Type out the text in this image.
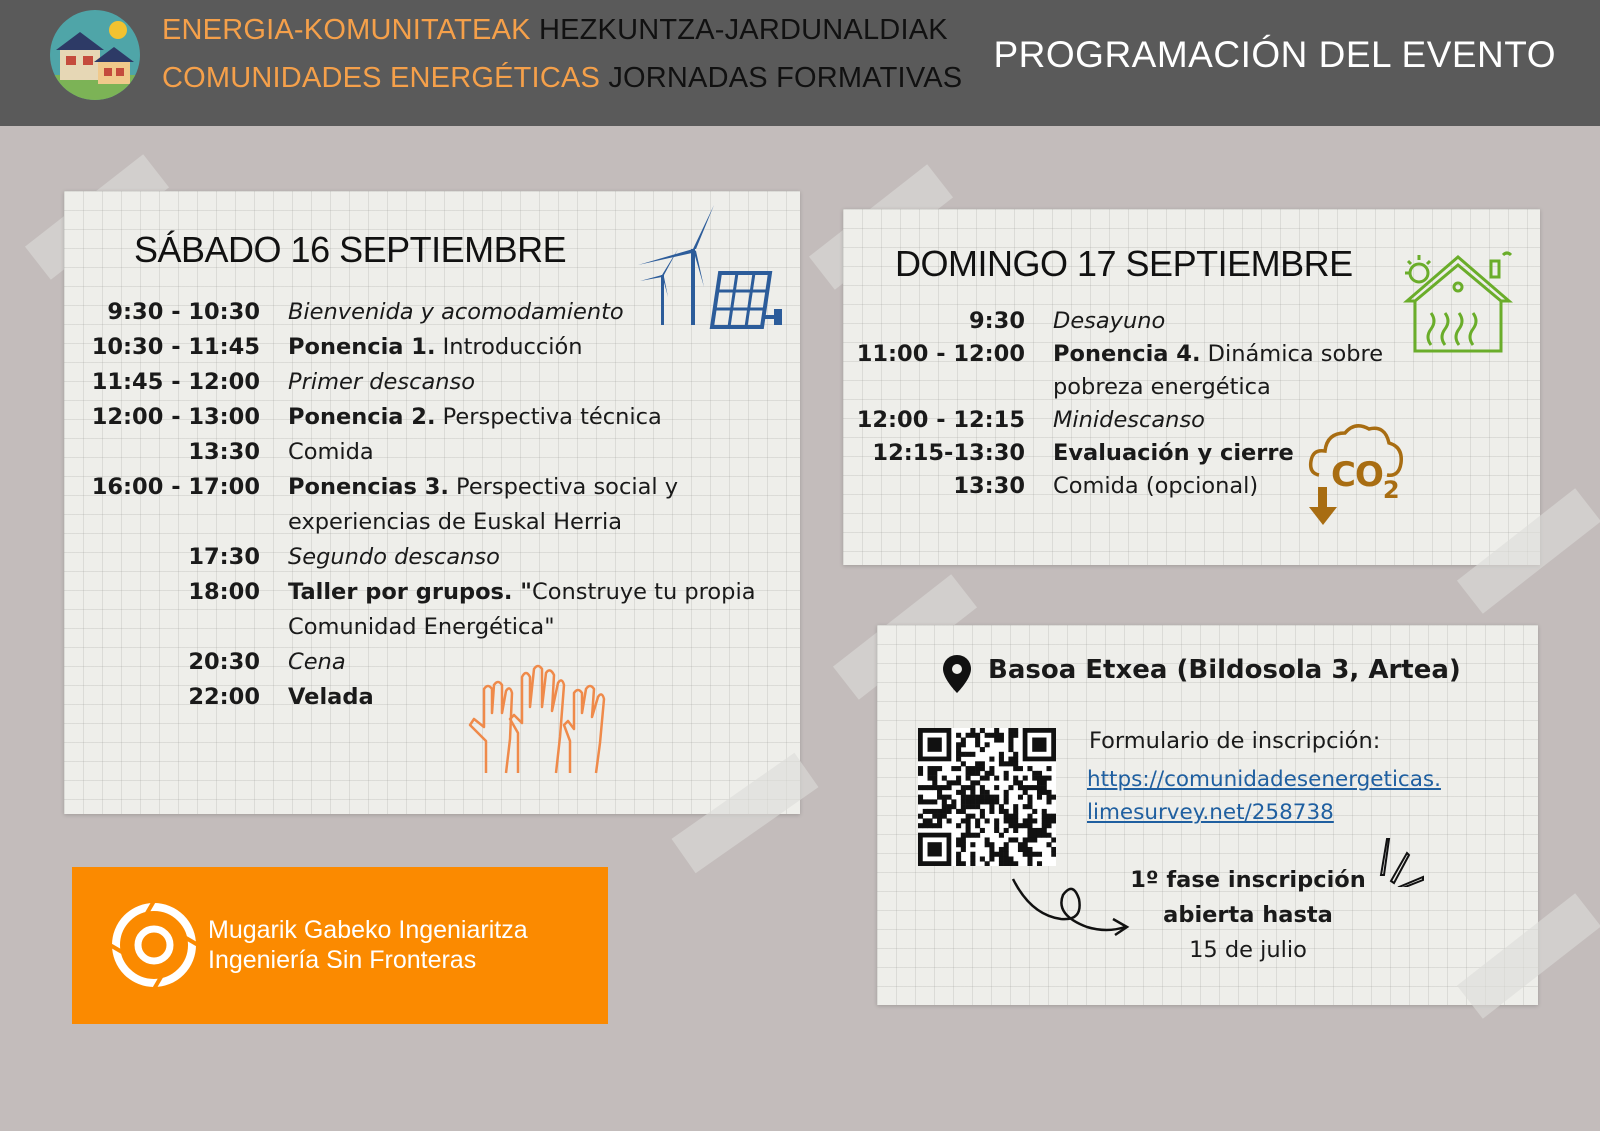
ENERGIA-KOMUNITATEAK HEZKUNTZA-JARDUNALDIAK
COMUNIDADES ENERGÉTICAS JORNADAS FORMATIVAS
PROGRAMACIÓN DEL EVENTO
SÁBADO 16 SEPTIEMBRE
9:30 - 10:30 Bienvenida y acomodamiento
10:30 - 11:45 Ponencia 1. Introducción
11:45 - 12:00 Primer descanso
12:00 - 13:00 Ponencia 2. Perspectiva técnica
13:30 Comida
16:00 - 17:00 Ponencias 3. Perspectiva social y
experiencias de Euskal Herria
17:30 Segundo descanso
18:00 Taller por grupos. "Construye tu propia
Comunidad Energética"
20:30 Cena
22:00 Velada
DOMINGO 17 SEPTIEMBRE
9:30 Desayuno
11:00 - 12:00 Ponencia 4. Dinámica sobre
pobreza energética
12:00 - 12:15 Minidescanso
12:15-13:30 Evaluación y cierre
13:30 Comida (opcional) $CO_2$
Basoa Etxea (Bildosola 3, Artea)
Formulario de inscripción:
https://comunidadesenergeticas.
limesurvey.net/258738
1º fase inscripción
abierta hasta
15 de julio
Mugarik Gabeko Ingeniaritza
Ingeniería Sin Fronteras
